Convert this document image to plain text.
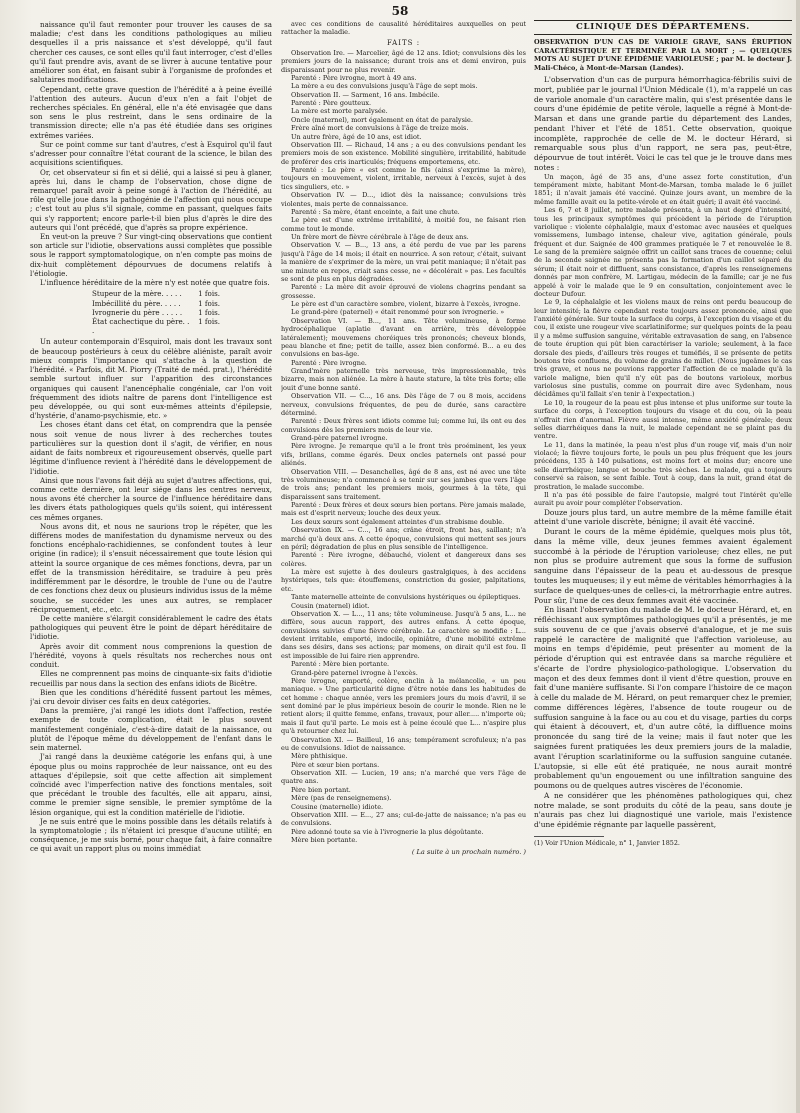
58

naissance qu'il faut remonter pour trouver les causes de sa maladie; c'est dans les conditions pathologiques au milieu desquelles il a pris naissance et s'est développé, qu'il faut chercher ces causes, ce sont elles qu'il faut interroger, c'est d'elles qu'il faut prendre avis, avant de se livrer à aucune tentative pour améliorer son état, en faisant subir à l'organisme de profondes et salutaires modifications.

Cependant, cette grave question de l'hérédité a à peine éveillé l'attention des auteurs. Aucun d'eux n'en a fait l'objet de recherches spéciales. En général, elle n'a été envisagée que dans son sens le plus restreint, dans le sens ordinaire de la transmission directe; elle n'a pas été étudiée dans ses origines extrêmes variées.

Sur ce point comme sur tant d'autres, c'est à Esquirol qu'il faut s'adresser pour connaître l'état courant de la science, le bilan des acquisitions scientifiques.

Or, cet observateur si fin et si délié, qui a laissé si peu à glaner, après lui, dans le champ de l'observation, chose digne de remarque! paraît avoir à peine songé à l'action de l'hérédité, au rôle qu'elle joue dans la pathogénie de l'affection qui nous occupe ; c'est tout au plus s'il signale, comme en passant, quelques faits qui s'y rapportent; encore parle-t-il bien plus d'après le dire des auteurs qui l'ont précédé, que d'après sa propre expérience.

En veut-on la preuve ? Sur vingt-cinq observations que contient son article sur l'idiotie, observations aussi complètes que possible sous le rapport symptomatologique, on n'en compte pas moins de dix-huit complètement dépourvues de documens relatifs à l'étiologie.

L'influence héréditaire de la mère n'y est notée que quatre fois.

Stupeur de la mère. . . . .	1 fois.
Imbécillité du père. . . . .	1 fois.
Ivrognerie du père . . . . .	1 fois.
État cachectique du père. . .
1 fois.

Un auteur contemporain d'Esquirol, mais dont les travaux sont de beaucoup postérieurs à ceux du célèbre aliéniste, paraît avoir mieux compris l'importance qui s'attache à la question de l'hérédité. « Parfois, dit M. Piorry (Traité de méd. prat.), l'hérédité semble surtout influer sur l'apparition des circonstances organiques qui causent l'anencéphalie congéniale, car l'on voit fréquemment des idiots naître de parens dont l'intelligence est peu développée, ou qui sont eux-mêmes atteints d'épilepsie, d'hystérie, d'anamo-psychismie, etc. »

Les choses étant dans cet état, on comprendra que la pensée nous soit venue de nous livrer à des recherches toutes particulières sur la question dont il s'agit, de vérifier, en nous aidant de faits nombreux et rigoureusement observés, quelle part légitime d'influence revient à l'hérédité dans le développement de l'idiotie.

Ainsi que nous l'avons fait déjà au sujet d'autres affections, qui, comme cette dernière, ont leur siége dans les centres nerveux, nous avons été chercher la source de l'influence héréditaire dans les divers états pathologiques quels qu'ils soient, qui intéressent ces mêmes organes.

Nous avons dit, et nous ne saurions trop le répéter, que les différens modes de manifestation du dynamisme nerveux ou des fonctions encéphalo-rachidiennes, se confondent toutes à leur origine (in radice); il s'ensuit nécessairement que toute lésion qui atteint la source organique de ces mêmes fonctions, devra, par un effet de la transmission héréditaire, se traduire à peu près indifféremment par le désordre, le trouble de l'une ou de l'autre de ces fonctions chez deux ou plusieurs individus issus de la même souche, se succéder les unes aux autres, se remplacer réciproquement, etc., etc.

De cette manière s'élargit considérablement le cadre des états pathologiques qui peuvent être le point de départ héréditaire de l'idiotie.

Après avoir dit comment nous comprenions la question de l'hérédité, voyons à quels résultats nos recherches nous ont conduit.

Elles ne comprennent pas moins de cinquante-six faits d'idiotie recueillis par nous dans la section des enfans idiots de Bicêtre.

Bien que les conditions d'hérédité fussent partout les mêmes, j'ai cru devoir diviser ces faits en deux catégories.

Dans la première, j'ai rangé les idiots dont l'affection, restée exempte de toute complication, était le plus souvent manifestement congéniale, c'est-à-dire datait de la naissance, ou plutôt de l'époque même du développement de l'enfant dans le sein maternel.

J'ai rangé dans la deuxième catégorie les enfans qui, à une époque plus ou moins rapprochée de leur naissance, ont eu des attaques d'épilepsie, soit que cette affection ait simplement coïncidé avec l'imperfection native des fonctions mentales, soit que précédant le trouble des facultés, elle ait apparu, ainsi, comme le premier signe sensible, le premier symptôme de la lésion organique, qui est la condition matérielle de l'idiotie.

Je ne suis entré que le moins possible dans les détails relatifs à la symptomatologie ; ils n'étaient ici presque d'aucune utilité; en conséquence, je me suis borné, pour chaque fait, à faire connaître ce qui avait un rapport plus ou moins immédiat

avec ces conditions de causalité héréditaires auxquelles on peut rattacher la maladie.

FAITS :

Observation Ire. — Marcelier, âgé de 12 ans. Idiot; convulsions dès les premiers jours de la naissance; durant trois ans et demi environ, puis disparaissant pour ne plus revenir.

Parenté : Père ivrogne, mort à 49 ans.

La mère a eu des convulsions jusqu'à l'âge de sept mois.

Observation II. — Sarment, 16 ans. Imbécile.

Parenté : Père goutteux.

La mère est morte paralysée.

Oncle (maternel), mort également en état de paralysie.

Frère aîné mort de convulsions à l'âge de treize mois.

Un autre frère, âgé de 10 ans, est idiot.

Observation III. — Richaud, 14 ans ; a eu des convulsions pendant les premiers mois de son existence. Mobilité singulière, irritabilité, habitude de proférer des cris inarticulés; fréquens emportemens, etc.

Parenté : Le père « est comme le fils (ainsi s'exprime la mère), toujours en mouvement, violent, irritable, nerveux à l'excès, sujet à des tics singuliers, etc. »

Observation IV. — D..., idiot dès la naissance; convulsions très violentes, mais perte de connaissance.

Parenté : Sa mère, étant enceinte, a fait une chute.

Le père est d'une extrême irritabilité, à moitié fou, ne faisant rien comme tout le monde.

Un frère mort de fièvre cérébrale à l'âge de deux ans.

Observation V. — B..., 13 ans, a été perdu de vue par les parens jusqu'à l'âge de 14 mois; il était en nourrice. A son retour, c'était, suivant la manière de s'exprimer de la mère, un vrai petit maniaque; il n'était pas une minute en repos, criait sans cesse, ne « décolérait » pas. Les facultés se sont de plus en plus dégradées.

Parenté : La mère dit avoir éprouvé de violens chagrins pendant sa grossesse.

Le père est d'un caractère sombre, violent, bizarre à l'excès, ivrogne.

Le grand-père (paternel) « était renommé pour son ivrognerie. »

Observation VI. — B..., 11 ans. Tête volumineuse, à forme hydrocéphalique (aplatie d'avant en arrière, très développée latéralement); mouvemens choréiques très prononcés; cheveux blonds, peau blanche et fine; petit de taille, assez bien conformé. B... a eu des convulsions en bas-âge.

Parenté : Père ivrogne.

Grand'mère paternelle très nerveuse, très impressionnable, très bizarre, mais non aliénée. La mère à haute stature, la tête très forte; elle jouit d'une bonne santé.

Observation VII. — C..., 16 ans. Dès l'âge de 7 ou 8 mois, accidens nerveux, convulsions fréquentes, de peu de durée, sans caractère déterminé.

Parenté : Deux frères sont idiots comme lui; comme lui, ils ont eu des convulsions dès les premiers mois de leur vie.

Grand-père paternel ivrogne.

Père ivrogne. Je remarque qu'il a le front très proéminent, les yeux vifs, brillans, comme égarés. Deux oncles paternels ont passé pour aliénés.

Observation VIII. — Desanchelles, âgé de 8 ans, est né avec une tête très volumineuse; n'a commencé à se tenir sur ses jambes que vers l'âge de trois ans; pendant les premiers mois, gourmes à la tête, qui disparaissent sans traitement.

Parenté : Deux frères et deux sœurs bien portans. Père jamais malade, mais est d'esprit nerveux; louche des deux yeux.

Les deux sœurs sont également atteintes d'un strabisme double.

Observation IX. — C..., 16 ans; crâne étroit, front bas, saillant; n'a marché qu'à deux ans. A cette époque, convulsions qui mettent ses jours en péril; dégradation de plus en plus sensible de l'intelligence.

Parenté : Père ivrogne, débauché, violent et dangereux dans ses colères.

La mère est sujette à des douleurs gastralgiques, à des accidens hystériques, tels que: étouffemens, constriction du gosier, palpitations, etc.

Tante maternelle atteinte de convulsions hystériques ou épileptiques.

Cousin (maternel) idiot.

Observation X. — L..., 11 ans; tête volumineuse. Jusqu'à 5 ans, L... ne diffère, sous aucun rapport, des autres enfans. A cette époque, convulsions suivies d'une fièvre cérébrale. Le caractère se modifie : L... devient irritable, emporté, indocile, opiniâtre, d'une mobilité extrême dans ses désirs, dans ses actions; par momens, on dirait qu'il est fou. Il est impossible de lui faire rien apprendre.

Parenté : Mère bien portante.

Grand-père paternel ivrogne à l'excès.

Père ivrogne, emporté, colère, enclin à la mélancolie, « un peu maniaque. » Une particularité digne d'être notée dans les habitudes de cet homme : chaque année, vers les premiers jours du mois d'avril, il se sent dominé par le plus impérieux besoin de courir le monde. Rien ne le retient alors; il quitte femme, enfans, travaux, pour aller..... n'importe où; mais il faut qu'il parte. Le mois est à peine écoulé que L... n'aspire plus qu'à retourner chez lui.

Observation XI. — Bailleul, 16 ans; tempérament scrofuleux; n'a pas eu de convulsions. Idiot de naissance.

Mère phthisique.

Père et sœur bien portans.

Observation XII. — Lucien, 19 ans; n'a marché que vers l'âge de quatre ans.

Père bien portant.

Mère (pas de renseignemens).

Cousine (maternelle) idiote.

Observation XIII. — E..., 27 ans; cul-de-jatte de naissance; n'a pas eu de convulsions.

Père adonné toute sa vie à l'ivrognerie la plus dégoûtante.

Mère bien portante.

( La suite à un prochain numéro. )
CLINIQUE DES DÉPARTEMENS.
OBSERVATION D'UN CAS DE VARIOLE GRAVE, SANS ÉRUPTION CARACTÉRISTIQUE ET TERMINÉE PAR LA MORT ; — QUELQUES MOTS AU SUJET D'UNE ÉPIDÉMIE VARIOLEUSE ; par M. le docteur J. Mali-Chéco, à Mont-de-Marsan (Landes).

L'observation d'un cas de purpura hémorrhagica-fébrilis suivi de mort, publiée par le journal l'Union Médicale (1), m'a rappelé un cas de variole anomale d'un caractère malin, qui s'est présentée dans le cours d'une épidémie de petite vérole, laquelle a régné à Mont-de-Marsan et dans une grande partie du département des Landes, pendant l'hiver et l'été de 1851. Cette observation, quoique incomplète, rapprochée de celle de M. le docteur Hérard, si remarquable sous plus d'un rapport, ne sera pas, peut-être, dépourvue de tout intérêt. Voici le cas tel que je le trouve dans mes notes :

Un maçon, âgé de 35 ans, d'une assez forte constitution, d'un tempérament mixte, habitant Mont-de-Marsan, tomba malade le 6 juillet 1851; il n'avait jamais été vacciné. Quinze jours avant, un membre de la même famille avait eu la petite-vérole et en était guéri; il avait été vacciné.

Les 6, 7 et 8 juillet, notre malade présenta, à un haut degré d'intensité, tous les principaux symptômes qui précèdent la période de l'éruption variolique : violente céphalalgie, maux d'estomac avec nausées et quelques vomissemens, lumbago intense, chaleur vive, agitation générale, pouls fréquent et dur. Saignée de 400 grammes pratiquée le 7 et renouvelée le 8. Le sang de la première saignée offrit un caillot sans traces de couenne; celui de la seconde saignée ne présenta pas la formation d'un caillot séparé du sérum; il était noir et diffluent, sans consistance, d'après les renseignemens donnés par mon confrère, M. Lartigau, médecin de la famille; car je ne fus appelé à voir le malade que le 9 en consultation, conjointement avec le docteur Dufour.

Le 9, la céphalalgie et les violens maux de reins ont perdu beaucoup de leur intensité; la fièvre cependant reste toujours assez prononcée, ainsi que l'anxiété générale. Sur toute la surface du corps, à l'exception du visage et du cou, il existe une rougeur vive scarlatiniforme; sur quelques points de la peau il y a même suffusion sanguine, véritable extravasation de sang, en l'absence de toute éruption qui pût bien caractériser la variole; seulement, à la face dorsale des pieds, d'ailleurs très rouges et tuméfiés, il se présente de petits boutons très confluens, du volume de grains de millet. (Nous jugeâmes le cas très grave, et nous ne pouvions rapporter l'affection de ce malade qu'à la variole maligne, bien qu'il n'y eût pas de boutons varioleux, morbus variolosus sine pustulis, comme on pourrait dire avec Sydenham, nous décidâmes qu'il fallait s'en tenir à l'expectation.)

Le 10, la rougeur de la peau est plus intense et plus uniforme sur toute la surface du corps, à l'exception toujours du visage et du cou, où la peau n'offrait rien d'anormal. Fièvre aussi intense, même anxiété générale; deux selles diarrhéiques dans la nuit, le malade cependant ne se plaint pas du ventre.

Le 11, dans la matinée, la peau n'est plus d'un rouge vif, mais d'un noir violacé; la fièvre toujours forte, le pouls un peu plus fréquent que les jours précédens, 135 à 140 pulsations, est moins fort et moins dur; encore une selle diarrhéique; langue et bouche très sèches. Le malade, qui a toujours conservé sa raison, se sent faible. Tout à coup, dans la nuit, grand état de prostration, le malade succombe.

Il n'a pas été possible de faire l'autopsie, malgré tout l'intérêt qu'elle aurait pu avoir pour compléter l'observation.

Douze jours plus tard, un autre membre de la même famille était atteint d'une variole discrète, bénigne; il avait été vacciné.

Durant le cours de la même épidémie, quelques mois plus tôt, dans la même ville, deux jeunes femmes avaient également succombé à la période de l'éruption varioleuse; chez elles, ne put non plus se produire autrement que sous la forme de suffusion sanguine dans l'épaisseur de la peau et au-dessous de presque toutes les muqueuses; il y eut même de véritables hémorrhagies à la surface de quelques-unes de celles-ci, la métrorrhagie entre autres. Pour sûr, l'une de ces deux femmes avait été vaccinée.

En lisant l'observation du malade de M. le docteur Hérard, et, en réfléchissant aux symptômes pathologiques qu'il a présentés, je me suis souvenu de ce que j'avais observé d'analogue, et je me suis rappelé le caractère de malignité que l'affection varioleuse, au moins en temps d'épidémie, peut présenter au moment de la période d'éruption qui est entravée dans sa marche régulière et s'écarte de l'ordre physiologico-pathologique. L'observation du maçon et des deux femmes dont il vient d'être question, prouve en fait d'une manière suffisante. Si l'on compare l'histoire de ce maçon à celle du malade de M. Hérard, on peut remarquer chez le premier, comme différences légères, l'absence de toute rougeur ou de suffusion sanguine à la face ou au cou et du visage, parties du corps qui étaient à découvert, et, d'un autre côté, la diffluence moins prononcée du sang tiré de la veine; mais il faut noter que les saignées furent pratiquées les deux premiers jours de la maladie, avant l'éruption scarlatiniforme ou la suffusion sanguine cutanée. L'autopsie, si elle eût été pratiquée, ne nous aurait montré probablement qu'un engouement ou une infiltration sanguine des poumons ou de quelques autres viscères de l'économie.

A ne considérer que les phénomènes pathologiques qui, chez notre malade, se sont produits du côté de la peau, sans doute je n'aurais pas chez lui diagnostiqué une variole, mais l'existence d'une épidémie régnante par laquelle passèrent,

(1) Voir l'Union Médicale, n° 1, Janvier 1852.
